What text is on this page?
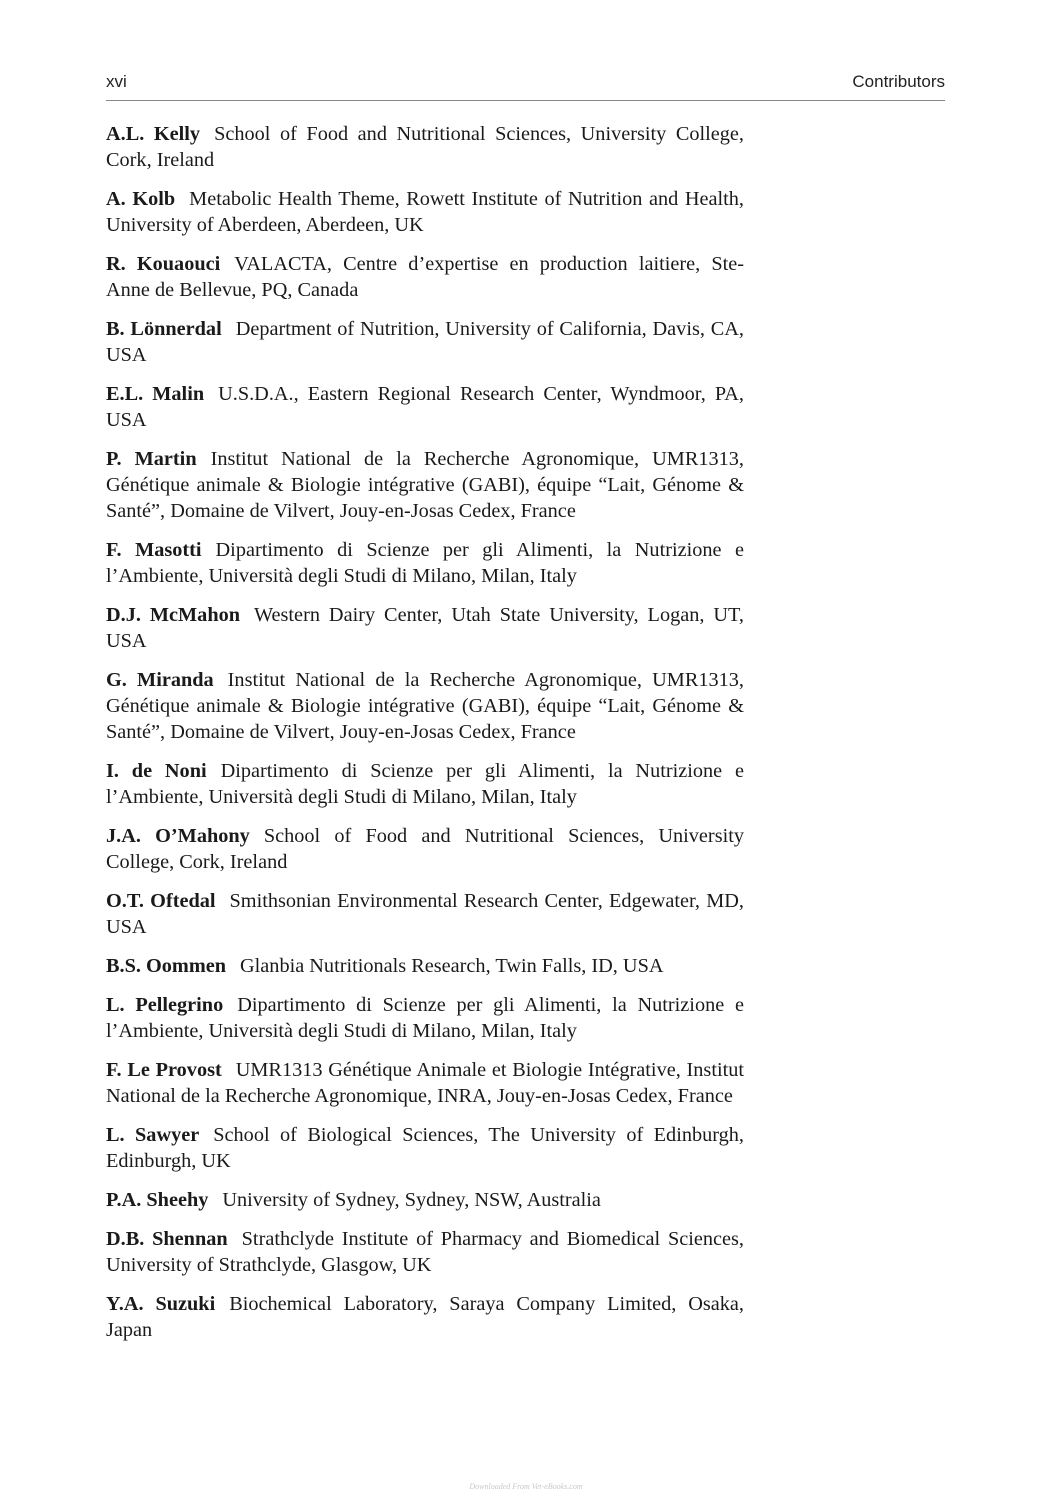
xvi	Contributors

A.L. Kelly School of Food and Nutritional Sciences, University College, Cork, Ireland

A. Kolb Metabolic Health Theme, Rowett Institute of Nutrition and Health, University of Aberdeen, Aberdeen, UK

R. Kouaouci VALACTA, Centre d’expertise en production laitiere, Ste-Anne de Bellevue, PQ, Canada

B. Lönnerdal Department of Nutrition, University of California, Davis, CA, USA

E.L. Malin U.S.D.A., Eastern Regional Research Center, Wyndmoor, PA, USA

P. Martin Institut National de la Recherche Agronomique, UMR1313, Génétique animale & Biologie intégrative (GABI), équipe “Lait, Génome & Santé”, Domaine de Vilvert, Jouy-en-Josas Cedex, France

F. Masotti Dipartimento di Scienze per gli Alimenti, la Nutrizione e l’Ambiente, Università degli Studi di Milano, Milan, Italy

D.J. McMahon Western Dairy Center, Utah State University, Logan, UT, USA

G. Miranda Institut National de la Recherche Agronomique, UMR1313, Génétique animale & Biologie intégrative (GABI), équipe “Lait, Génome & Santé”, Domaine de Vilvert, Jouy-en-Josas Cedex, France

I. de Noni Dipartimento di Scienze per gli Alimenti, la Nutrizione e l’Ambiente, Università degli Studi di Milano, Milan, Italy

J.A. O’Mahony School of Food and Nutritional Sciences, University College, Cork, Ireland

O.T. Oftedal Smithsonian Environmental Research Center, Edgewater, MD, USA

B.S. Oommen Glanbia Nutritionals Research, Twin Falls, ID, USA

L. Pellegrino Dipartimento di Scienze per gli Alimenti, la Nutrizione e l’Ambiente, Università degli Studi di Milano, Milan, Italy

F. Le Provost UMR1313 Génétique Animale et Biologie Intégrative, Institut National de la Recherche Agronomique, INRA, Jouy-en-Josas Cedex, France

L. Sawyer School of Biological Sciences, The University of Edinburgh, Edinburgh, UK

P.A. Sheehy University of Sydney, Sydney, NSW, Australia

D.B. Shennan Strathclyde Institute of Pharmacy and Biomedical Sciences, University of Strathclyde, Glasgow, UK

Y.A. Suzuki Biochemical Laboratory, Saraya Company Limited, Osaka, Japan

Downloaded From Vet-eBooks.com
